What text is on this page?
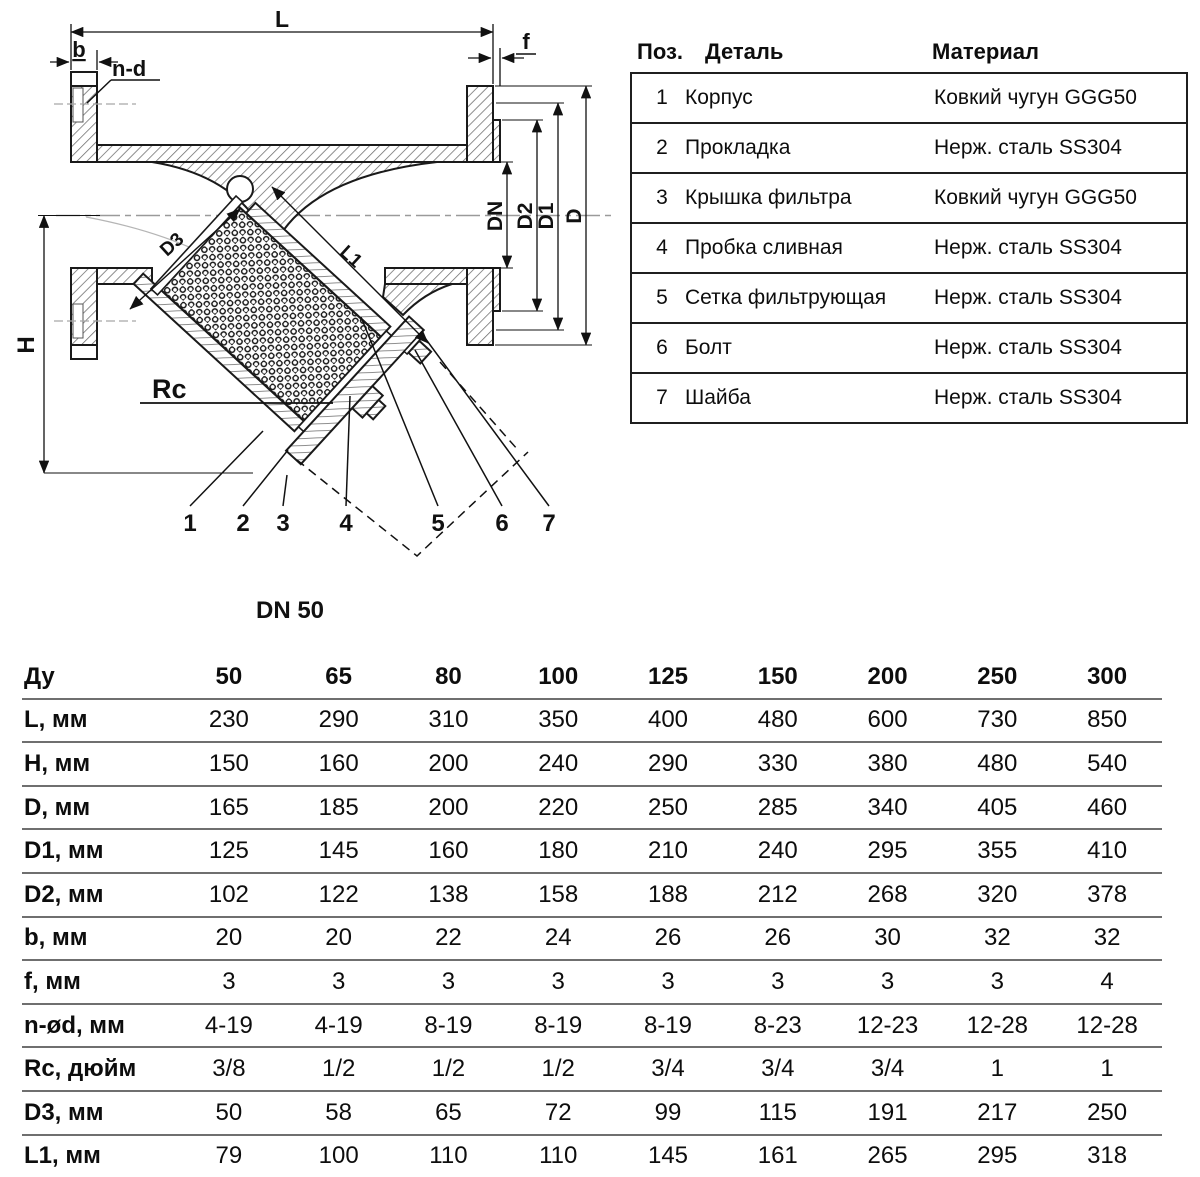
L
b
n-d
f
DN D2
D1 D
H
D3	L1
Rc
1 2 3 4	5 6 7
DN 50
Поз. Деталь	Материал
1 Корпус	Ковкий чугун GGG50
2 Прокладка	Нерж. сталь SS304
3 Крышка фильтра	Ковкий чугун GGG50
4 Пробка сливная	Нерж. сталь SS304
5 Сетка фильтрующая	Нерж. сталь SS304
6 Болт	Нерж. сталь SS304
7 Шайба	Нерж. сталь SS304
Ду	50	65	80	100	125	150	200	250	300
L, мм	230	290	310	350	400	480	600	730	850
H, мм	150	160	200	240	290	330	380	480	540
D, мм	165	185	200	220	250	285	340	405	460
D1, мм	125	145	160	180	210	240	295	355	410
D2, мм	102	122	138	158	188	212	268	320	378
b, мм	20	20	22	24	26	26	30	32	32
f, мм	3	3	3	3	3	3	3	3	4
n-ød, мм	4-19	4-19	8-19	8-19	8-19	8-23	12-23	12-28	12-28
Rc, дюйм	3/8	1/2	1/2	1/2	3/4	3/4	3/4	1	1
D3, мм	50	58	65	72	99	115	191	217	250
L1, мм	79	100	110	110	145	161	265	295	318
